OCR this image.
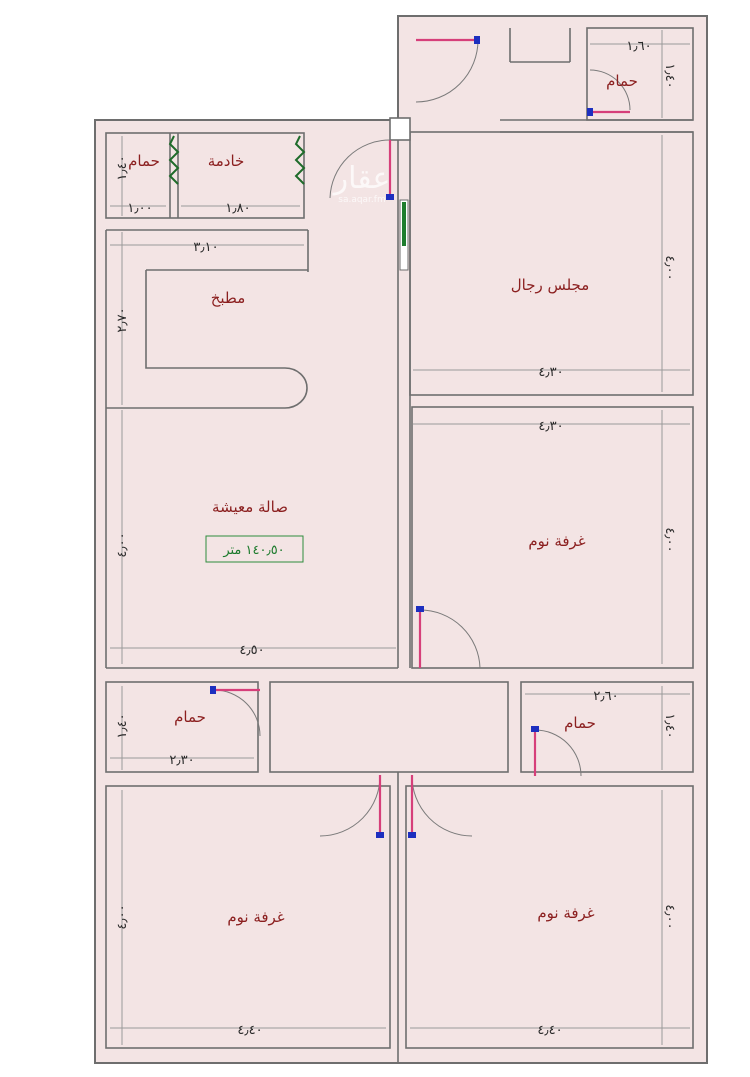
مجلس رجال
غرفة نوم
صالة معيشة
١٤٠٫٥٠ متر
مطبخ
خادمة
حمام
حمام
حمام	حمام
غرفة نوم	غرفة نوم
٤٫٣٠
٤٫٠٠
٤٫٣٠
٤٫٠٠
١٫٦٠
١٫٤٠
٣٫١٠
٢٫٧٠
١٫٨٠
١٫٠٠
١٫٤٠
٤٫٥٠
٤٫٠٠
٢٫٣٠
١٫٤٠
٢٫٦٠
١٫٤٠
٤٫٤٠
٤٫٠٠
٤٫٤٠
٤٫٠٠
عقار
sa.aqar.fm
